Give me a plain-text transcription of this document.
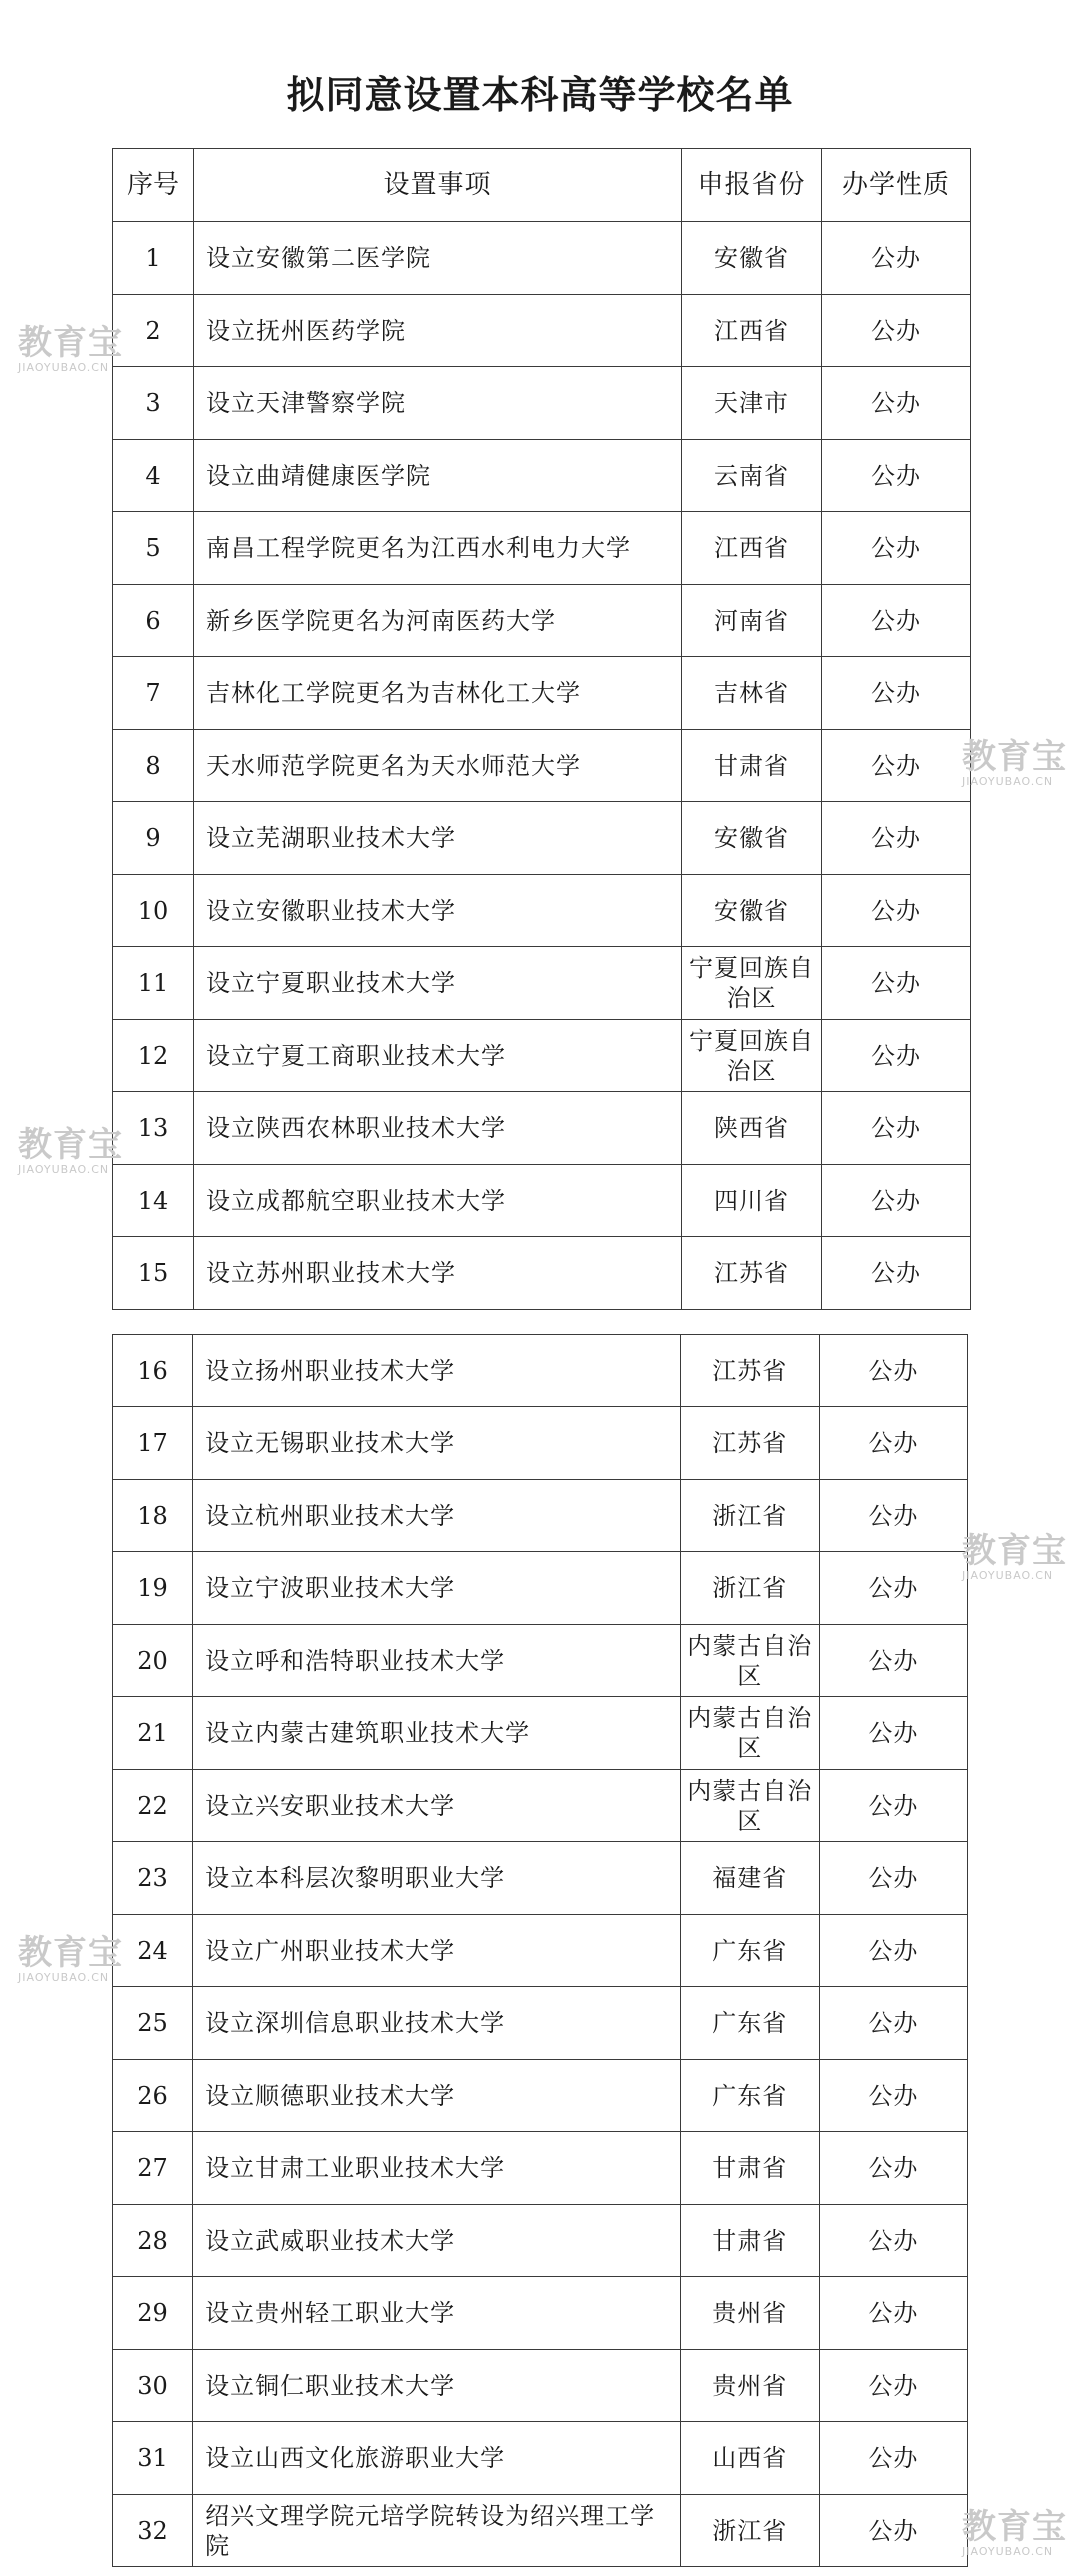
拟同意设置本科高等学校名单
序号	设置事项	申报省份	办学性质
1	设立安徽第二医学院	安徽省	公办
2	设立抚州医药学院	江西省	公办
3	设立天津警察学院	天津市	公办
4	设立曲靖健康医学院	云南省	公办
5	南昌工程学院更名为江西水利电力大学	江西省	公办
6	新乡医学院更名为河南医药大学	河南省	公办
7	吉林化工学院更名为吉林化工大学	吉林省	公办
8	天水师范学院更名为天水师范大学	甘肃省	公办
9	设立芜湖职业技术大学	安徽省	公办
10	设立安徽职业技术大学	安徽省	公办
11	设立宁夏职业技术大学	宁夏回族自治区	公办
12	设立宁夏工商职业技术大学	宁夏回族自治区	公办
13	设立陕西农林职业技术大学	陕西省	公办
14	设立成都航空职业技术大学	四川省	公办
15	设立苏州职业技术大学	江苏省	公办
16	设立扬州职业技术大学	江苏省	公办
17	设立无锡职业技术大学	江苏省	公办
18	设立杭州职业技术大学	浙江省	公办
19	设立宁波职业技术大学	浙江省	公办
20	设立呼和浩特职业技术大学	内蒙古自治区	公办
21	设立内蒙古建筑职业技术大学	内蒙古自治区	公办
22	设立兴安职业技术大学	内蒙古自治区	公办
23	设立本科层次黎明职业大学	福建省	公办
24	设立广州职业技术大学	广东省	公办
25	设立深圳信息职业技术大学	广东省	公办
26	设立顺德职业技术大学	广东省	公办
27	设立甘肃工业职业技术大学	甘肃省	公办
28	设立武威职业技术大学	甘肃省	公办
29	设立贵州轻工职业大学	贵州省	公办
30	设立铜仁职业技术大学	贵州省	公办
31	设立山西文化旅游职业大学	山西省	公办
32	绍兴文理学院元培学院转设为绍兴理工学院	浙江省	公办
教育宝
JIAOYUBAO.CN
教育宝
JIAOYUBAO.CN
教育宝
JIAOYUBAO.CN
教育宝
JIAOYUBAO.CN
教育宝
JIAOYUBAO.CN
教育宝
JIAOYUBAO.CN
